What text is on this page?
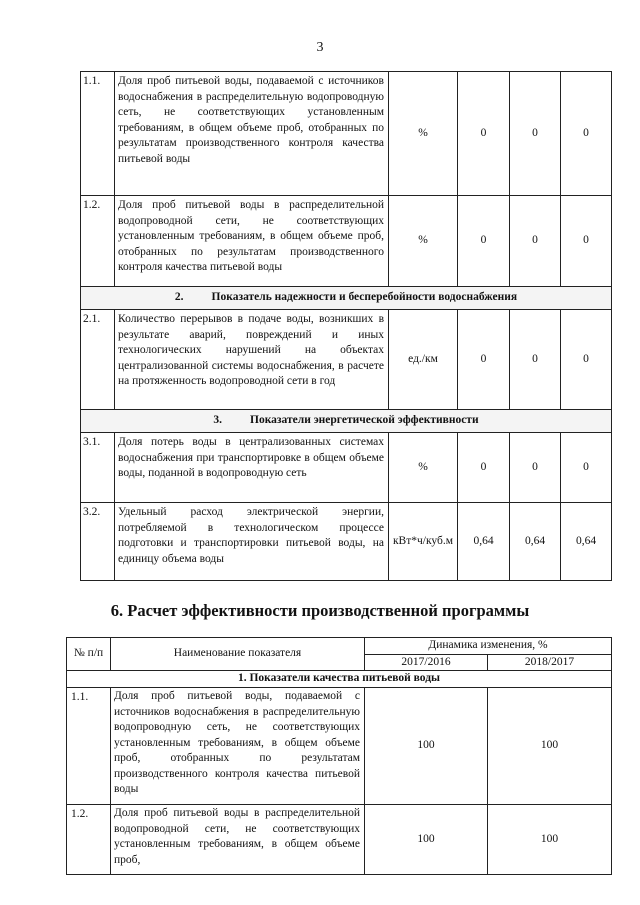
3
1.1.	Доля проб питьевой воды, подаваемой с источников водоснабжения в распределительную водопроводную сеть, не соответствующих установленным требованиям, в общем объеме проб, отобранных по результатам производственного контроля качества питьевой воды	%	0	0	0
1.2.	Доля проб питьевой воды в распределительной водопроводной сети, не соответствующих установленным требованиям, в общем объеме проб, отобранных по результатам производственного контроля качества питьевой воды	%	0	0	0
2. Показатель надежности и бесперебойности водоснабжения					
2.1.	Количество перерывов в подаче воды, возникших в результате аварий, повреждений и иных технологических нарушений на объектах централизованной системы водоснабжения, в расчете на протяженность водопроводной сети в год	ед./км	0	0	0
3. Показатели энергетической эффективности					
3.1.	Доля потерь воды в централизованных системах водоснабжения при транспортировке в общем объеме воды, поданной в водопроводную сеть	%	0	0	0
3.2.	Удельный расход электрической энергии, потребляемой в технологическом процессе подготовки и транспортировки питьевой воды, на единицу объема воды	кВт*ч/куб.м	0,64	0,64	0,64
6. Расчет эффективности производственной программы
№ п/п	Наименование показателя	Динамика изменения, %	
		2017/2016	2018/2017
1. Показатели качества питьевой воды			
1.1.	Доля проб питьевой воды, подаваемой с источников водоснабжения в распределительную водопроводную сеть, не соответствующих установленным требованиям, в общем объеме проб, отобранных по результатам производственного контроля качества питьевой воды	100	100
1.2.	Доля проб питьевой воды в распределительной водопроводной сети, не соответствующих установленным требованиям, в общем объеме проб,	100	100
